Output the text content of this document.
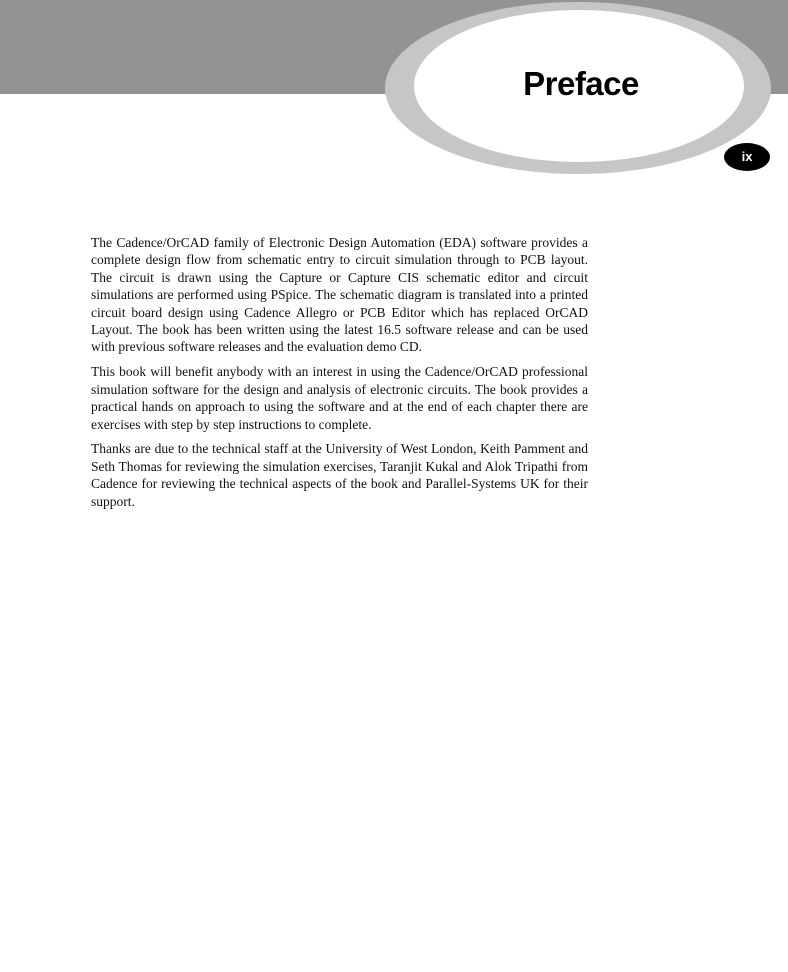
Preface
ix

The Cadence/OrCAD family of Electronic Design Automation (EDA) software provides a complete design flow from schematic entry to circuit simulation through to PCB layout. The circuit is drawn using the Capture or Capture CIS schematic editor and circuit simulations are performed using PSpice. The schematic diagram is translated into a printed circuit board design using Cadence Allegro or PCB Editor which has replaced OrCAD Layout. The book has been written using the latest 16.5 software release and can be used with previous software releases and the evaluation demo CD.

This book will benefit anybody with an interest in using the Cadence/OrCAD professional simulation software for the design and analysis of electronic circuits. The book provides a practical hands on approach to using the software and at the end of each chapter there are exercises with step by step instructions to complete.

Thanks are due to the technical staff at the University of West London, Keith Pamment and Seth Thomas for reviewing the simulation exercises, Taranjit Kukal and Alok Tripathi from Cadence for reviewing the technical aspects of the book and Parallel-Systems UK for their support.
